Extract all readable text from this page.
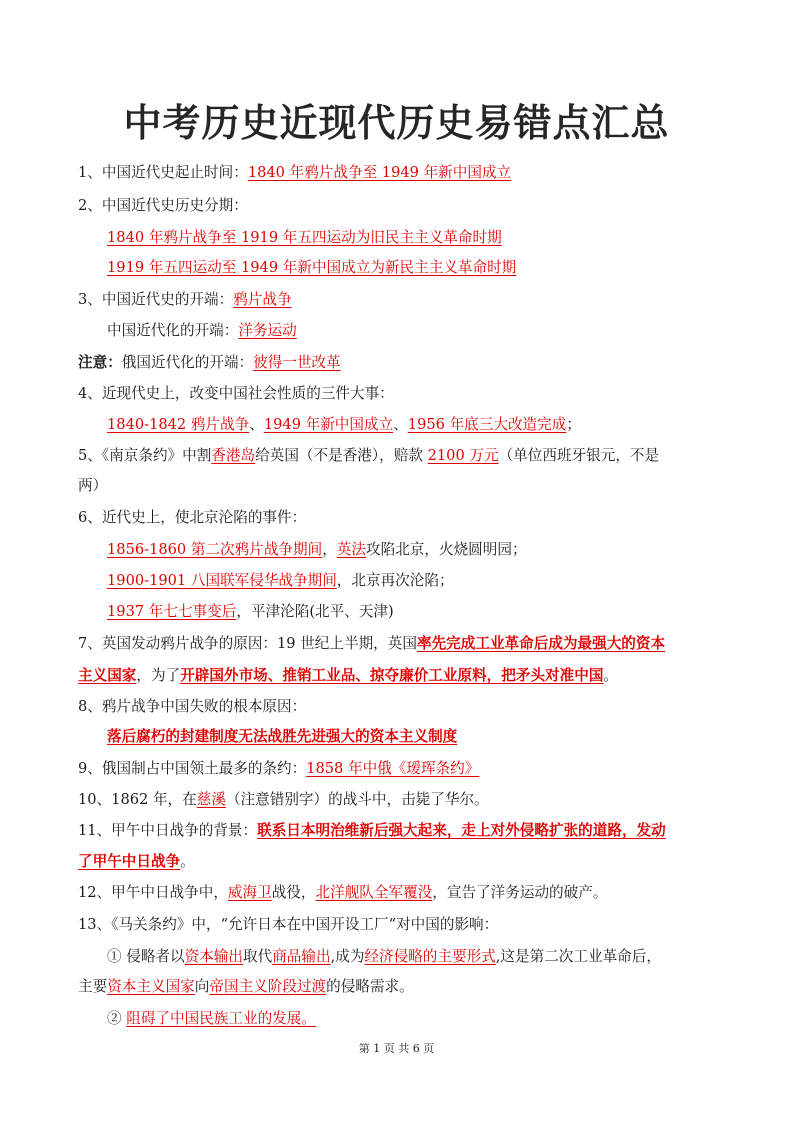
中考历史近现代历史易错点汇总
1、中国近代史起止时间：1840 年鸦片战争至 1949 年新中国成立
2、中国近代史历史分期：
1840 年鸦片战争至 1919 年五四运动为旧民主主义革命时期
1919 年五四运动至 1949 年新中国成立为新民主主义革命时期
3、中国近代史的开端：鸦片战争
中国近代化的开端：洋务运动
注意：俄国近代化的开端：彼得一世改革
4、近现代史上，改变中国社会性质的三件大事：
1840-1842 鸦片战争、1949 年新中国成立、1956 年底三大改造完成；
5、《南京条约》中割香港岛给英国（不是香港），赔款 2100 万元（单位西班牙银元，不是
两）
6、近代史上，使北京沦陷的事件：
1856-1860 第二次鸦片战争期间，英法攻陷北京，火烧圆明园；
1900-1901 八国联军侵华战争期间，北京再次沦陷；
1937 年七七事变后，平津沦陷(北平、天津)
7、英国发动鸦片战争的原因：19 世纪上半期，英国率先完成工业革命后成为最强大的资本
主义国家，为了开辟国外市场、推销工业品、掠夺廉价工业原料，把矛头对准中国。
8、鸦片战争中国失败的根本原因：
落后腐朽的封建制度无法战胜先进强大的资本主义制度
9、俄国制占中国领土最多的条约：1858 年中俄《瑷珲条约》
10、1862 年，在慈溪（注意错别字）的战斗中，击毙了华尔。
11、甲午中日战争的背景：联系日本明治维新后强大起来，走上对外侵略扩张的道路，发动
了甲午中日战争。
12、甲午中日战争中，威海卫战役，北洋舰队全军覆没，宣告了洋务运动的破产。
13、《马关条约》中，“允许日本在中国开设工厂“对中国的影响：
① 侵略者以资本输出取代商品输出,成为经济侵略的主要形式,这是第二次工业革命后，
主要资本主义国家向帝国主义阶段过渡的侵略需求。
② 阻碍了中国民族工业的发展。
第 1 页 共 6 页
